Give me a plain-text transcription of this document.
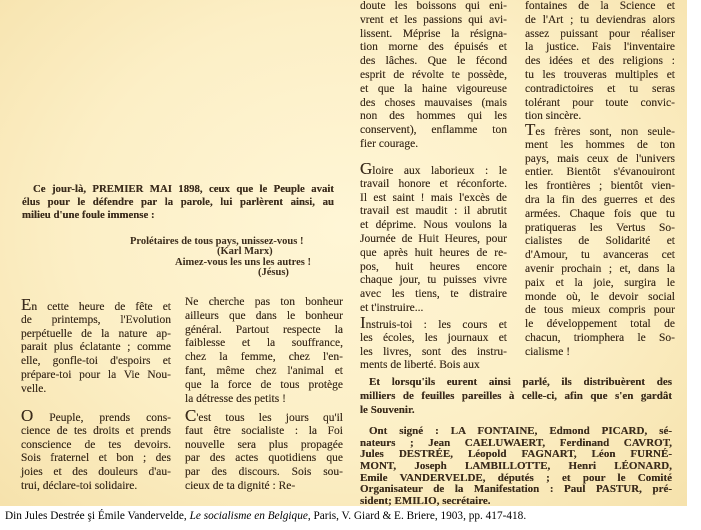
Ce jour-là, PREMIER MAI 1898, ceux que le Peuple avait
élus pour le défendre par la parole, lui parlèrent ainsi, au
milieu d'une foule immense :
Prolétaires de tous pays, unissez-vous !
(Karl Marx)
Aimez-vous les uns les autres !
(Jésus)
En cette heure de fête et
de printemps, l'Evolution
perpétuelle de la nature ap-
parait plus éclatante ; comme
elle, gonfle-toi d'espoirs et
prépare-toi pour la Vie Nou-
velle.
O Peuple, prends cons-
cience de tes droits et prends
conscience de tes devoirs.
Sois fraternel et bon ; des
joies et des douleurs d'au-
trui, déclare-toi solidaire.
Ne cherche pas ton bonheur
ailleurs que dans le bonheur
général. Partout respecte la
faiblesse et la souffrance,
chez la femme, chez l'en-
fant, même chez l'animal et
que la force de tous protège
la détresse des petits !
C'est tous les jours qu'il
faut être socialiste : la Foi
nouvelle sera plus propagée
par des actes quotidiens que
par des discours. Sois sou-
cieux de ta dignité : Re-
doute les boissons qui eni-
vrent et les passions qui avi-
lissent. Méprise la résigna-
tion morne des épuisés et
des lâches. Que le fécond
esprit de révolte te possède,
et que la haine vigoureuse
des choses mauvaises (mais
non des hommes qui les
conservent), enflamme ton
fier courage.
Gloire aux laborieux : le
travail honore et réconforte.
Il est saint ! mais l'excès de
travail est maudit : il abrutit
et déprime. Nous voulons la
Journée de Huit Heures, pour
que après huit heures de re-
pos, huit heures encore
chaque jour, tu puisses vivre
avec les tiens, te distraire
et t'instruire...
Instruis-toi : les cours et
les écoles, les journaux et
les livres, sont des instru-
ments de liberté. Bois aux
fontaines de la Science et
de l'Art ; tu deviendras alors
assez puissant pour réaliser
la justice. Fais l'inventaire
des idées et des religions :
tu les trouveras multiples et
contradictoires et tu seras
tolérant pour toute convic-
tion sincère.
Tes frères sont, non seule-
ment les hommes de ton
pays, mais ceux de l'univers
entier. Bientôt s'évanouiront
les frontières ; bientôt vien-
dra la fin des guerres et des
armées. Chaque fois que tu
pratiqueras les Vertus So-
cialistes de Solidarité et
d'Amour, tu avanceras cet
avenir prochain ; et, dans la
paix et la joie, surgira le
monde où, le devoir social
de tous mieux compris pour
le développement total de
chacun, triomphera le So-
cialisme !
Et lorsqu'ils eurent ainsi parlé, ils distribuèrent des
milliers de feuilles pareilles à celle-ci, afin que s'en gardât
le Souvenir.
Ont signé : LA FONTAINE, Edmond PICARD, sé-
nateurs ; Jean CAELUWAERT, Ferdinand CAVROT,
Jules DESTRÉE, Léopold FAGNART, Léon FURNÉ-
MONT, Joseph LAMBILLOTTE, Henri LÉONARD,
Emile VANDERVELDE, députés ; et pour le Comité
Organisateur de la Manifestation : Paul PASTUR, pré-
sident; EMILIO, secrétaire.
Din Jules Destrée şi Émile Vandervelde, Le socialisme en Belgique, Paris, V. Giard & E. Briere, 1903, pp. 417-418.
